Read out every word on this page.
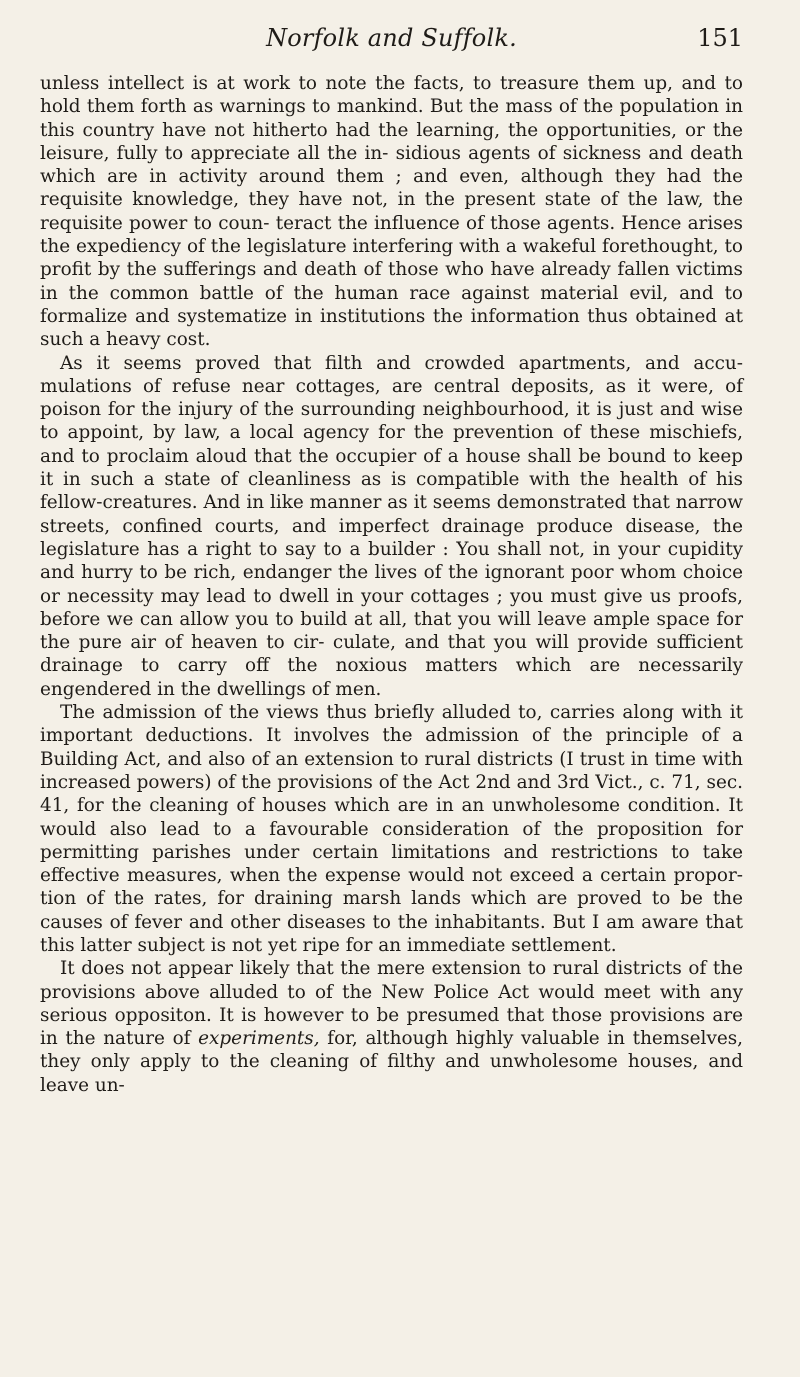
Norfolk and Suffolk.	151

unless intellect is at work to note the facts, to treasure them up, and to hold them forth as warnings to mankind. But the mass of the population in this country have not hitherto had the learning, the opportunities, or the leisure, fully to appreciate all the in- sidious agents of sickness and death which are in activity around them ; and even, although they had the requisite knowledge, they have not, in the present state of the law, the requisite power to coun- teract the influence of those agents. Hence arises the expediency of the legislature interfering with a wakeful forethought, to profit by the sufferings and death of those who have already fallen victims in the common battle of the human race against material evil, and to formalize and systematize in institutions the information thus obtained at such a heavy cost.

As it seems proved that filth and crowded apartments, and accu- mulations of refuse near cottages, are central deposits, as it were, of poison for the injury of the surrounding neighbourhood, it is just and wise to appoint, by law, a local agency for the prevention of these mischiefs, and to proclaim aloud that the occupier of a house shall be bound to keep it in such a state of cleanliness as is compatible with the health of his fellow-creatures. And in like manner as it seems demonstrated that narrow streets, confined courts, and imperfect drainage produce disease, the legislature has a right to say to a builder : You shall not, in your cupidity and hurry to be rich, endanger the lives of the ignorant poor whom choice or necessity may lead to dwell in your cottages ; you must give us proofs, before we can allow you to build at all, that you will leave ample space for the pure air of heaven to cir- culate, and that you will provide sufficient drainage to carry off the noxious matters which are necessarily engendered in the dwellings of men.

The admission of the views thus briefly alluded to, carries along with it important deductions. It involves the admission of the principle of a Building Act, and also of an extension to rural districts (I trust in time with increased powers) of the provisions of the Act 2nd and 3rd Vict., c. 71, sec. 41, for the cleaning of houses which are in an unwholesome condition. It would also lead to a favourable consideration of the proposition for permitting parishes under certain limitations and restrictions to take effective measures, when the expense would not exceed a certain propor- tion of the rates, for draining marsh lands which are proved to be the causes of fever and other diseases to the inhabitants. But I am aware that this latter subject is not yet ripe for an immediate settlement.

It does not appear likely that the mere extension to rural districts of the provisions above alluded to of the New Police Act would meet with any serious oppositon. It is however to be presumed that those provisions are in the nature of experiments, for, although highly valuable in themselves, they only apply to the cleaning of filthy and unwholesome houses, and leave un-
